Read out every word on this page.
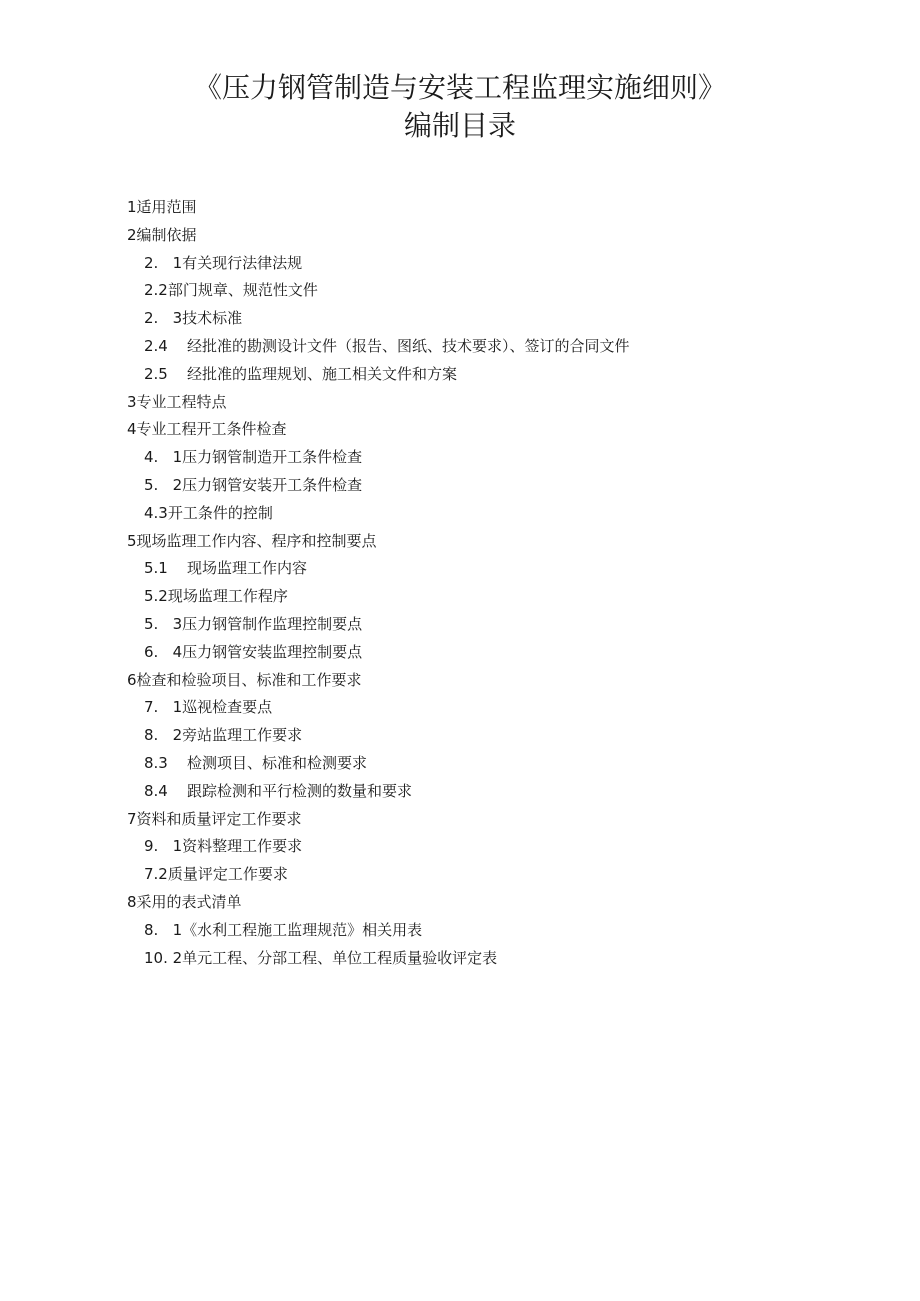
《压力钢管制造与安装工程监理实施细则》
编制目录
1适用范围
2编制依据
2.   1有关现行法律法规
2.2部门规章、规范性文件
2.   3技术标准
2.4    经批准的勘测设计文件（报告、图纸、技术要求）、签订的合同文件
2.5    经批准的监理规划、施工相关文件和方案
3专业工程特点
4专业工程开工条件检查
4.   1压力钢管制造开工条件检查
5.   2压力钢管安装开工条件检查
4.3开工条件的控制
5现场监理工作内容、程序和控制要点
5.1    现场监理工作内容
5.2现场监理工作程序
5.   3压力钢管制作监理控制要点
6.   4压力钢管安装监理控制要点
6检查和检验项目、标准和工作要求
7.   1巡视检查要点
8.   2旁站监理工作要求
8.3    检测项目、标准和检测要求
8.4    跟踪检测和平行检测的数量和要求
7资料和质量评定工作要求
9.   1资料整理工作要求
7.2质量评定工作要求
8采用的表式清单
8.   1《水利工程施工监理规范》相关用表
10. 2单元工程、分部工程、单位工程质量验收评定表
